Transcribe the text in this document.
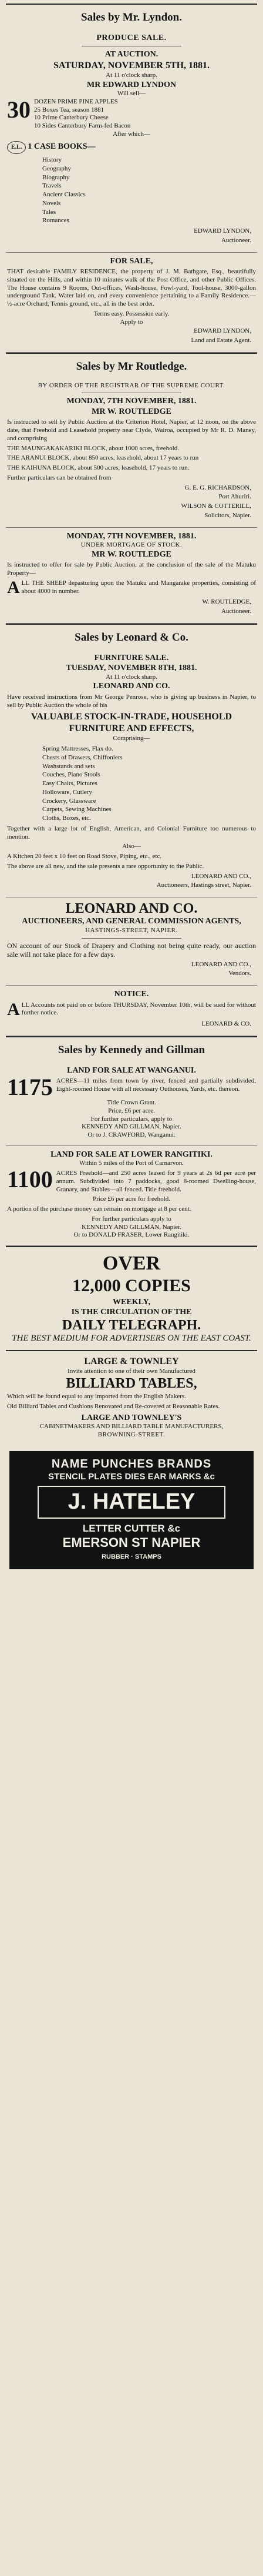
Sales by Mr. Lyndon.
PRODUCE SALE.
AT AUCTION.
SATURDAY, NOVEMBER 5TH, 1881.
At 11 o'clock sharp.
MR EDWARD LYNDON
Will sell—
30 DOZEN PRIME PINE APPLES
25 Boxes Tea, season 1881
10 Prime Canterbury Cheese
10 Sides Canterbury Farm-fed Bacon
After which—
E.L. 1 CASE BOOKS—
History
Geography
Biography
Travels
Ancient Classics
Novels
Tales
Romances
EDWARD LYNDON,
Auctioneer.
FOR SALE,

THAT desirable FAMILY RESIDENCE, the property of J. M. Bathgate, Esq., beautifully situated on the Hills, and within 10 minutes walk of the Post Office, and other Public Offices. The House contains 9 Rooms, Out-offices, Wash-house, Fowl-yard, Tool-house, 3000-gallon underground Tank. Water laid on, and every convenience pertaining to a Family Residence.—½-acre Orchard, Tennis ground, etc., all in the best order.

Terms easy. Possession early.
Apply to
EDWARD LYNDON,
Land and Estate Agent.
Sales by Mr Routledge.
BY ORDER OF THE REGISTRAR OF THE SUPREME COURT.
MONDAY, 7TH NOVEMBER, 1881.
MR W. ROUTLEDGE

Is instructed to sell by Public Auction at the Criterion Hotel, Napier, at 12 noon, on the above date, that Freehold and Leasehold property near Clyde, Wairoa, occupied by Mr R. D. Maney, and comprising

THE MAUNGAKAKARIKI BLOCK, about 1000 acres, freehold.

THE ARANUI BLOCK, about 850 acres, leasehold, about 17 years to run

THE KAIHUNA BLOCK, about 500 acres, leasehold, 17 years to run.

Further particulars can be obtained from

G. E. G. RICHARDSON,
Port Ahuriri.
WILSON & COTTERILL,
Solicitors, Napier.
MONDAY, 7TH NOVEMBER, 1881.
UNDER MORTGAGE OF STOCK.
MR W. ROUTLEDGE

Is instructed to offer for sale by Public Auction, at the conclusion of the sale of the Matuku Property—

ALL THE SHEEP depasturing upon the Matuku and Mangarake properties, consisting of about 4000 in number.

W. ROUTLEDGE,
Auctioneer.
Sales by Leonard & Co.
FURNITURE SALE.
TUESDAY, NOVEMBER 8TH, 1881.
At 11 o'clock sharp.
LEONARD AND CO.

Have received instructions from Mr George Penrose, who is giving up business in Napier, to sell by Public Auction the whole of his

VALUABLE STOCK-IN-TRADE, HOUSEHOLD FURNITURE AND EFFECTS,
Comprising—
Spring Mattresses, Flax do.
Chests of Drawers, Chiffoniers
Washstands and sets
Couches, Piano Stools
Easy Chairs, Pictures
Holloware, Cutlery
Crockery, Glassware
Carpets, Sewing Machines
Cloths, Boxes, etc.

Together with a large lot of English, American, and Colonial Furniture too numerous to mention.

Also—

A Kitchen 20 feet x 10 feet on Road Stove, Piping, etc., etc.

The above are all new, and the sale presents a rare opportunity to the Public.

LEONARD AND CO.,
Auctioneers, Hastings street, Napier.
LEONARD AND CO.
AUCTIONEERS, AND GENERAL COMMISSION AGENTS,
HASTINGS-STREET, NAPIER.

ON account of our Stock of Drapery and Clothing not being quite ready, our auction sale will not take place for a few days.

LEONARD AND CO.,
Vendors.
NOTICE.

ALL Accounts not paid on or before THURSDAY, November 10th, will be sued for without further notice.

LEONARD & CO.
Sales by Kennedy and Gillman
LAND FOR SALE AT WANGANUI.
1175 ACRES—11 miles from town by river, fenced and partially subdivided, Eight-roomed House with all necessary Outhouses, Yards, etc. thereon.

Title Crown Grant.
Price, £6 per acre.
For further particulars, apply to
KENNEDY AND GILLMAN, Napier.
Or to J. CRAWFORD, Wanganui.
LAND FOR SALE AT LOWER RANGITIKI.
Within 5 miles of the Port of Carnarvon.
1100 ACRES Freehold—and 250 acres leased for 9 years at 2s 6d per acre per annum. Subdivided into 7 paddocks, good 8-roomed Dwelling-house, Granary, and Stables—all fenced. Title freehold.

Price £6 per acre for freehold.

A portion of the purchase money can remain on mortgage at 8 per cent.

For further particulars apply to
KENNEDY AND GILLMAN, Napier.
Or to DONALD FRASER, Lower Rangitiki.
OVER
12,000 COPIES
WEEKLY,
IS THE CIRCULATION OF THE
DAILY TELEGRAPH.
THE BEST MEDIUM FOR ADVERTISERS ON THE EAST COAST.
LARGE & TOWNLEY
Invite attention to one of their own Manufactured
BILLIARD TABLES,

Which will be found equal to any imported from the English Makers.

Old Billiard Tables and Cushions Renovated and Re-covered at Reasonable Rates.

LARGE AND TOWNLEY'S
CABINETMAKERS AND BILLIARD TABLE MANUFACTURERS,
BROWNING-STREET.
NAME PUNCHES BRANDS
STENCIL PLATES DIES EAR MARKS &c
J. HATELEY
LETTER CUTTER &c
EMERSON ST NAPIER
RUBBER · STAMPS
